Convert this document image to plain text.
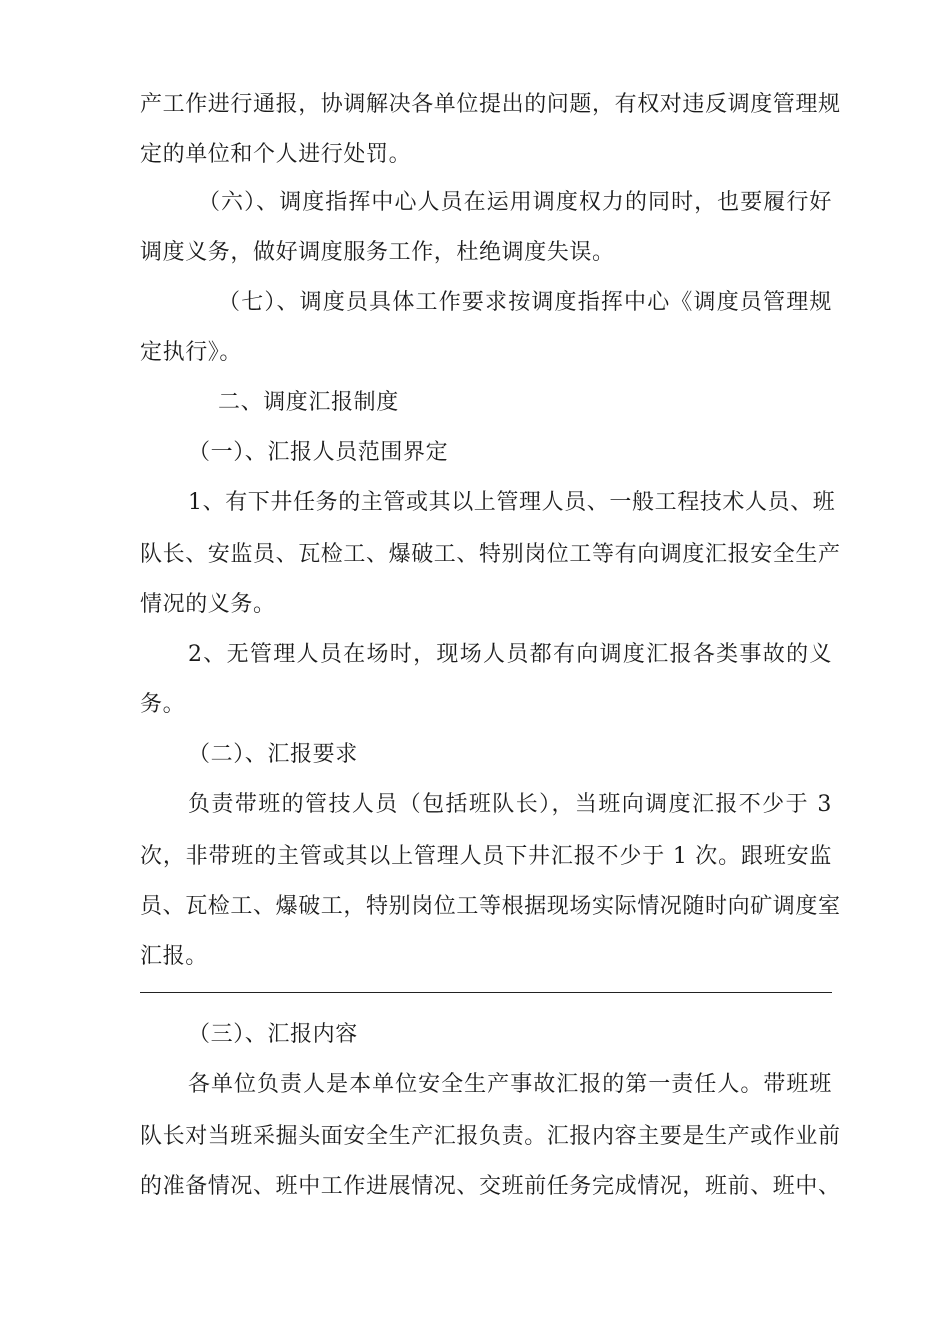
产工作进行通报，协调解决各单位提出的问题，有权对违反调度管理规
定的单位和个人进行处罚。
（六）、调度指挥中心人员在运用调度权力的同时，也要履行好
调度义务，做好调度服务工作，杜绝调度失误。
（七）、调度员具体工作要求按调度指挥中心《调度员管理规
定执行》。
二、调度汇报制度
（一）、汇报人员范围界定
1、有下井任务的主管或其以上管理人员、一般工程技术人员、班
队长、安监员、瓦检工、爆破工、特别岗位工等有向调度汇报安全生产
情况的义务。
2、无管理人员在场时，现场人员都有向调度汇报各类事故的义
务。
（二）、汇报要求
负责带班的管技人员（包括班队长），当班向调度汇报不少于 3
次，非带班的主管或其以上管理人员下井汇报不少于 1 次。跟班安监
员、瓦检工、爆破工，特别岗位工等根据现场实际情况随时向矿调度室
汇报。
（三）、汇报内容
各单位负责人是本单位安全生产事故汇报的第一责任人。带班班
队长对当班采掘头面安全生产汇报负责。汇报内容主要是生产或作业前
的准备情况、班中工作进展情况、交班前任务完成情况，班前、班中、
